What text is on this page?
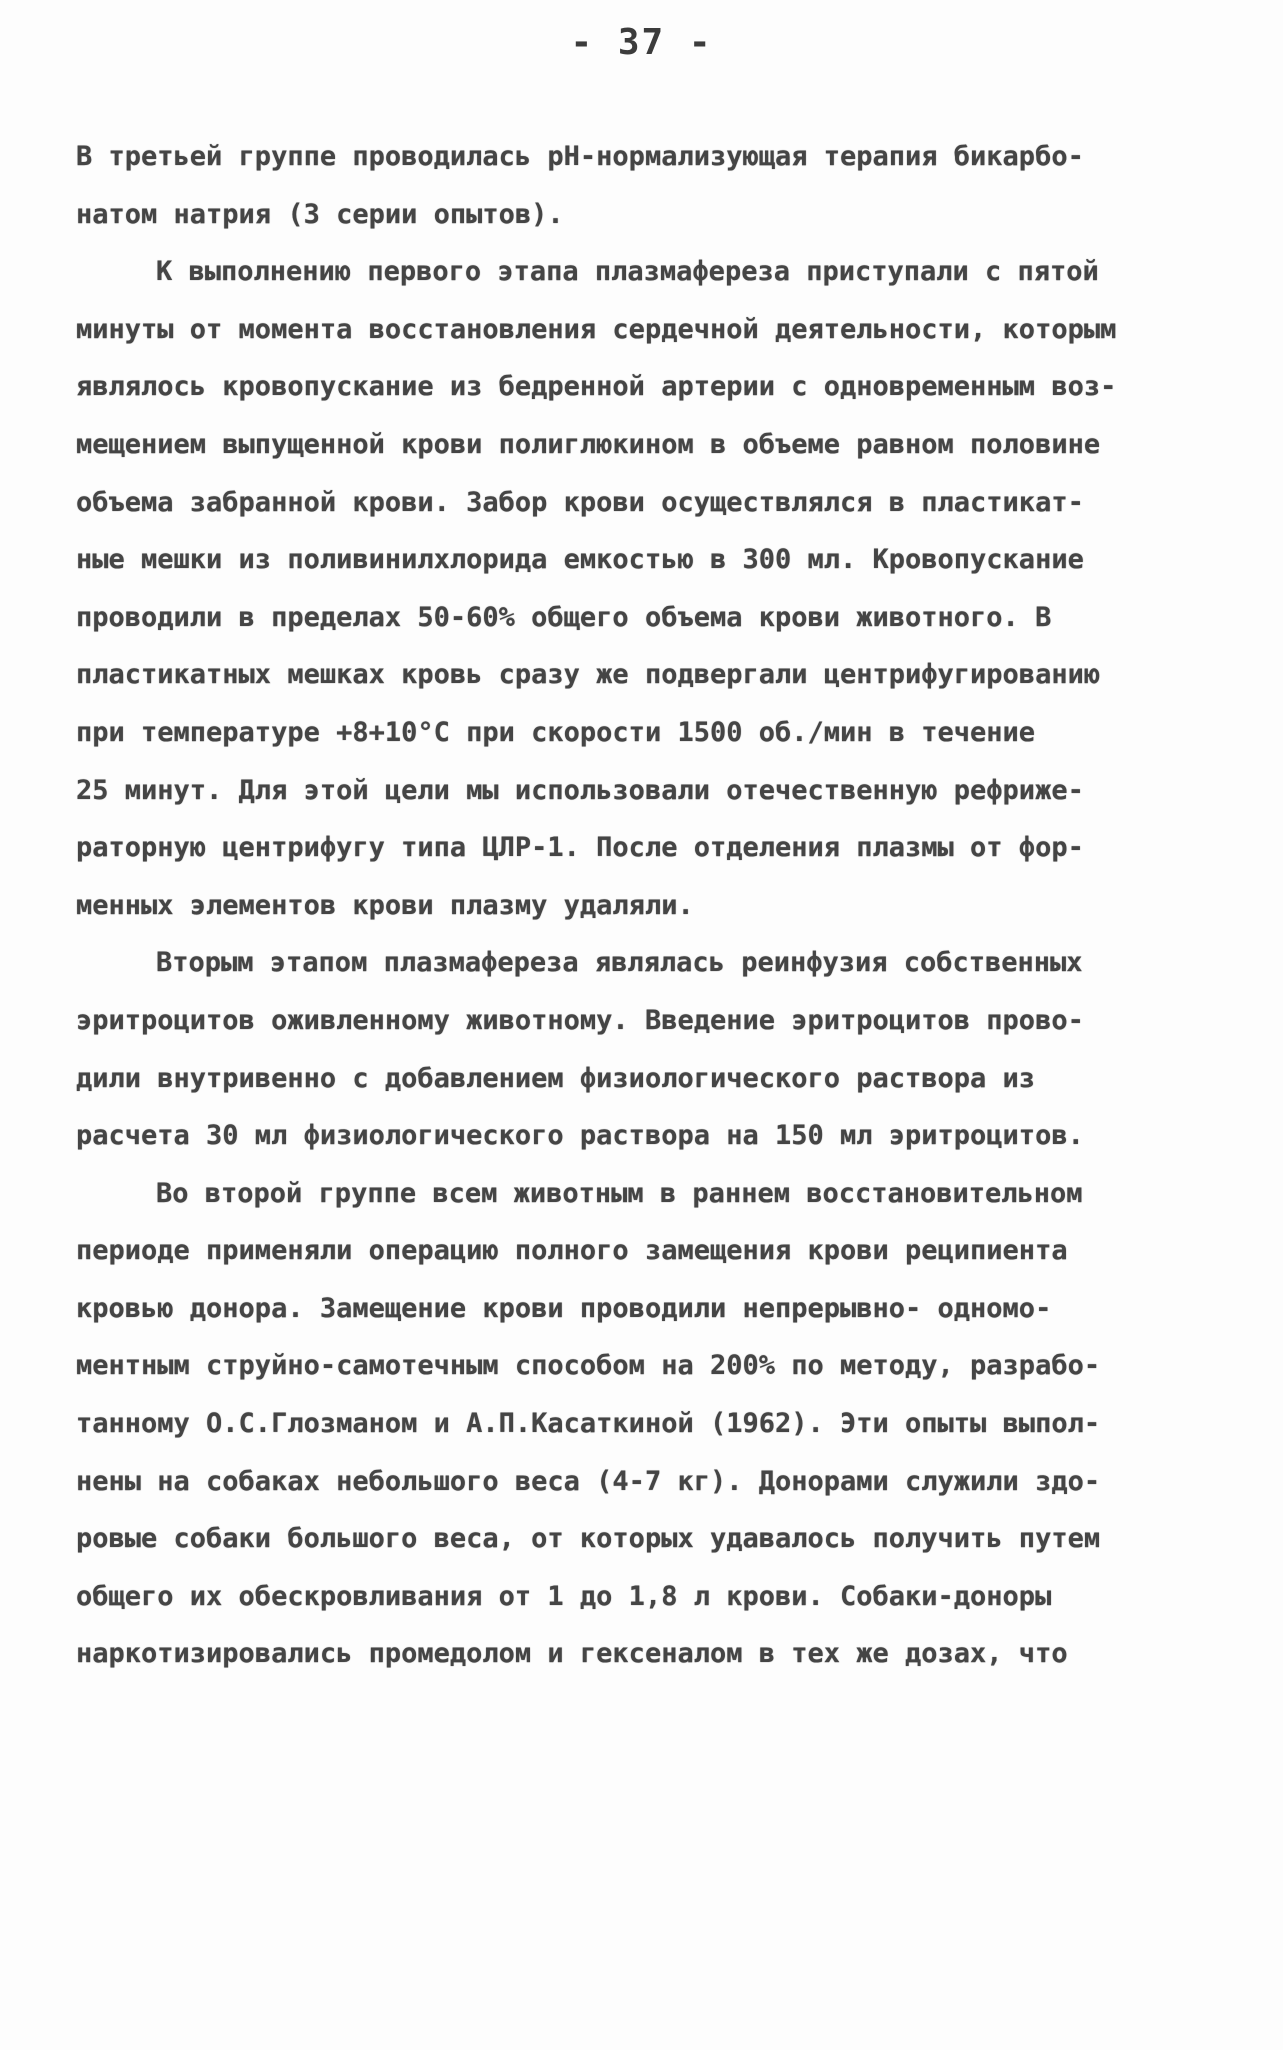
- 37 -
В третьей группе проводилась pH-нормализующая терапия бикарбо-
натом натрия (3 серии опытов).
К выполнению первого этапа плазмафереза приступали с пятой
минуты от момента восстановления сердечной деятельности, которым
являлось кровопускание из бедренной артерии с одновременным воз-
мещением выпущенной крови полиглюкином в объеме равном половине
объема забранной крови. Забор крови осуществлялся в пластикат-
ные мешки из поливинилхлорида емкостью в 300 мл. Кровопускание
проводили в пределах 50-60% общего объема крови животного. В
пластикатных мешках кровь сразу же подвергали центрифугированию
при температуре +8+10°С при скорости 1500 об./мин в течение
25 минут. Для этой цели мы использовали отечественную рефриже-
раторную центрифугу типа ЦЛР-1. После отделения плазмы от фор-
менных элементов крови плазму удаляли.
Вторым этапом плазмафереза являлась реинфузия собственных
эритроцитов оживленному животному. Введение эритроцитов прово-
дили внутривенно с добавлением физиологического раствора из
расчета 30 мл физиологического раствора на 150 мл эритроцитов.
Во второй группе всем животным в раннем восстановительном
периоде применяли операцию полного замещения крови реципиента
кровью донора. Замещение крови проводили непрерывно- одномо-
ментным струйно-самотечным способом на 200% по методу, разрабо-
танному О.С.Глозманом и А.П.Касаткиной (1962). Эти опыты выпол-
нены на собаках небольшого веса (4-7 кг). Донорами служили здо-
ровые собаки большого веса, от которых удавалось получить путем
общего их обескровливания от 1 до 1,8 л крови. Собаки-доноры
наркотизировались промедолом и гексеналом в тех же дозах, что
